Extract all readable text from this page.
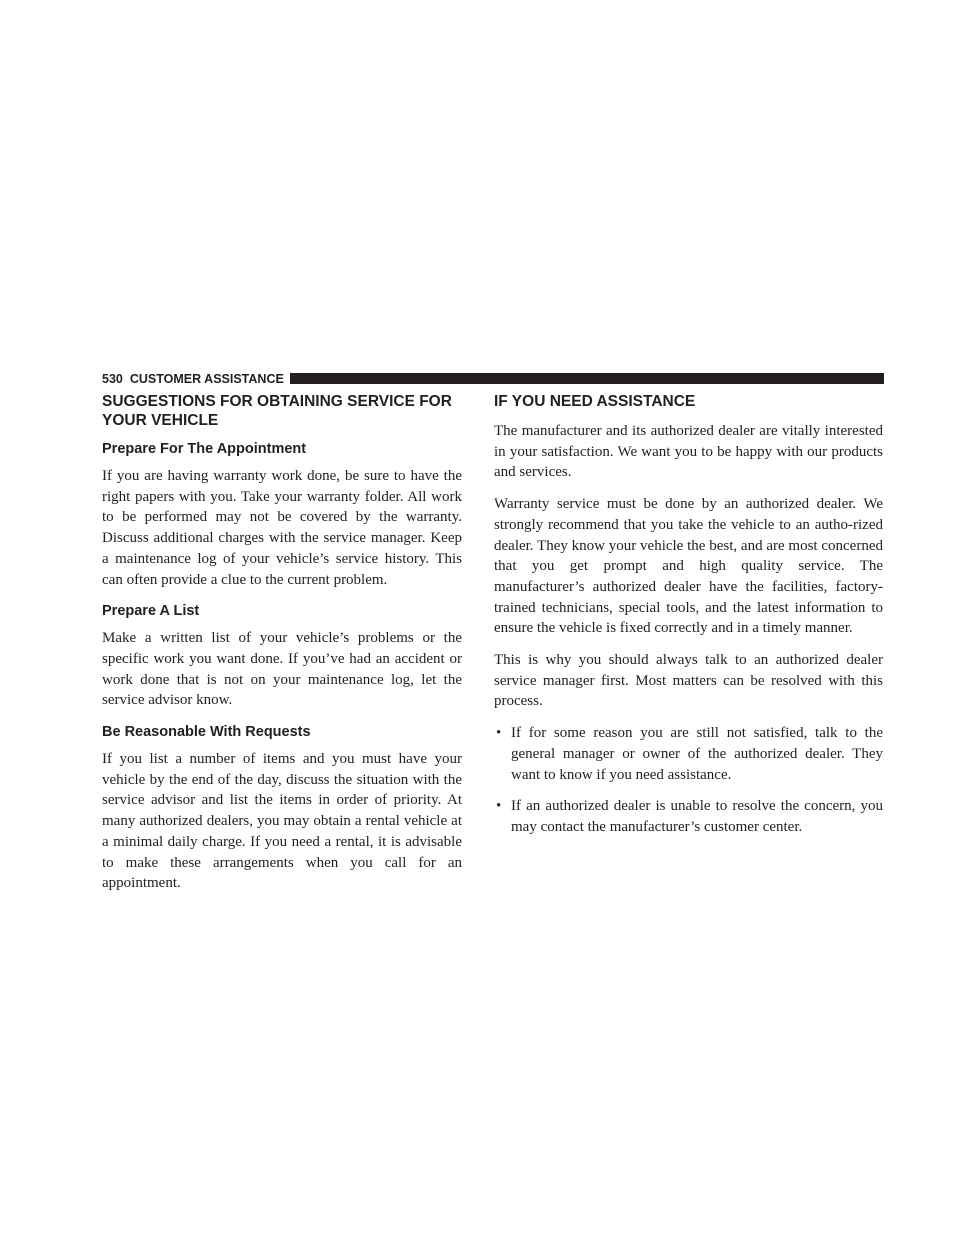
530 CUSTOMER ASSISTANCE
SUGGESTIONS FOR OBTAINING SERVICE FOR YOUR VEHICLE
Prepare For The Appointment

If you are having warranty work done, be sure to have the right papers with you. Take your warranty folder. All work to be performed may not be covered by the warranty. Discuss additional charges with the service manager. Keep a maintenance log of your vehicle’s service history. This can often provide a clue to the current problem.

Prepare A List

Make a written list of your vehicle’s problems or the specific work you want done. If you’ve had an accident or work done that is not on your maintenance log, let the service advisor know.

Be Reasonable With Requests

If you list a number of items and you must have your vehicle by the end of the day, discuss the situation with the service advisor and list the items in order of priority. At many authorized dealers, you may obtain a rental vehicle at a minimal daily charge. If you need a rental, it is advisable to make these arrangements when you call for an appointment.

IF YOU NEED ASSISTANCE

The manufacturer and its authorized dealer are vitally interested in your satisfaction. We want you to be happy with our products and services.

Warranty service must be done by an authorized dealer. We strongly recommend that you take the vehicle to an autho-rized dealer. They know your vehicle the best, and are most concerned that you get prompt and high quality service. The manufacturer’s authorized dealer have the facilities, factory-trained technicians, special tools, and the latest information to ensure the vehicle is fixed correctly and in a timely manner.

This is why you should always talk to an authorized dealer service manager first. Most matters can be resolved with this process.

• If for some reason you are still not satisfied, talk to the general manager or owner of the authorized dealer. They want to know if you need assistance.
• If an authorized dealer is unable to resolve the concern, you may contact the manufacturer’s customer center.
